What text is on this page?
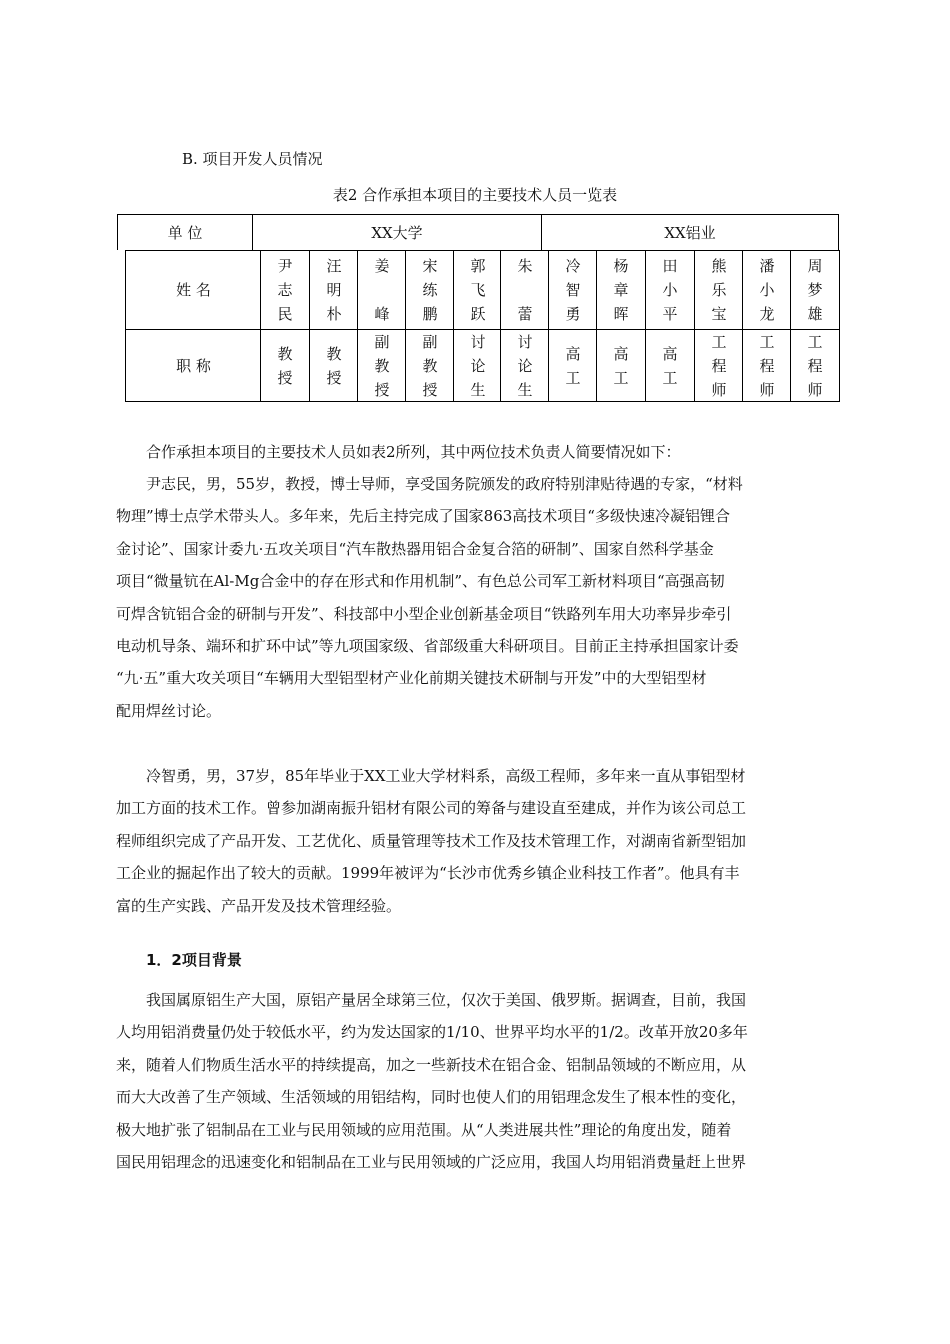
B. 项目开发人员情况
表2 合作承担本项目的主要技术人员一览表
单 位	XX大学	XX铝业
姓 名
尹
志
民
汪
明
朴
姜

峰
宋
练
鹏
郭
飞
跃
朱

蕾
冷
智
勇
杨
章
晖
田
小
平
熊
乐
宝
潘
小
龙
周
梦
雄
职 称
教
授
教
授
副
教
授
副
教
授
讨
论
生
讨
论
生
高
工
高
工
高
工
工
程
师
工
程
师
工
程
师
合作承担本项目的主要技术人员如表2所列，其中两位技术负责人简要情况如下：
尹志民，男，55岁，教授，博士导师，享受国务院颁发的政府特别津贴待遇的专家，“材料
物理”博士点学术带头人。多年来，先后主持完成了国家863高技术项目“多级快速冷凝铝锂合
金讨论”、国家计委九·五攻关项目“汽车散热器用铝合金复合箔的研制”、国家自然科学基金
项目“微量钪在Al-Mg合金中的存在形式和作用机制”、有色总公司军工新材料项目“高强高韧
可焊含钪铝合金的研制与开发”、科技部中小型企业创新基金项目“铁路列车用大功率异步牵引
电动机导条、端环和扩环中试”等九项国家级、省部级重大科研项目。目前正主持承担国家计委
“九·五”重大攻关项目“车辆用大型铝型材产业化前期关键技术研制与开发”中的大型铝型材
配用焊丝讨论。
冷智勇，男，37岁，85年毕业于XX工业大学材料系，高级工程师，多年来一直从事铝型材
加工方面的技术工作。曾参加湖南振升铝材有限公司的筹备与建设直至建成，并作为该公司总工
程师组织完成了产品开发、工艺优化、质量管理等技术工作及技术管理工作，对湖南省新型铝加
工企业的掘起作出了较大的贡献。1999年被评为“长沙市优秀乡镇企业科技工作者”。他具有丰
富的生产实践、产品开发及技术管理经验。
1．2项目背景
我国属原铝生产大国，原铝产量居全球第三位，仅次于美国、俄罗斯。据调查，目前，我国
人均用铝消费量仍处于较低水平，约为发达国家的1/10、世界平均水平的1/2。改革开放20多年
来，随着人们物质生活水平的持续提高，加之一些新技术在铝合金、铝制品领域的不断应用，从
而大大改善了生产领域、生活领域的用铝结构，同时也使人们的用铝理念发生了根本性的变化，
极大地扩张了铝制品在工业与民用领域的应用范围。从“人类进展共性”理论的角度出发，随着
国民用铝理念的迅速变化和铝制品在工业与民用领域的广泛应用，我国人均用铝消费量赶上世界
